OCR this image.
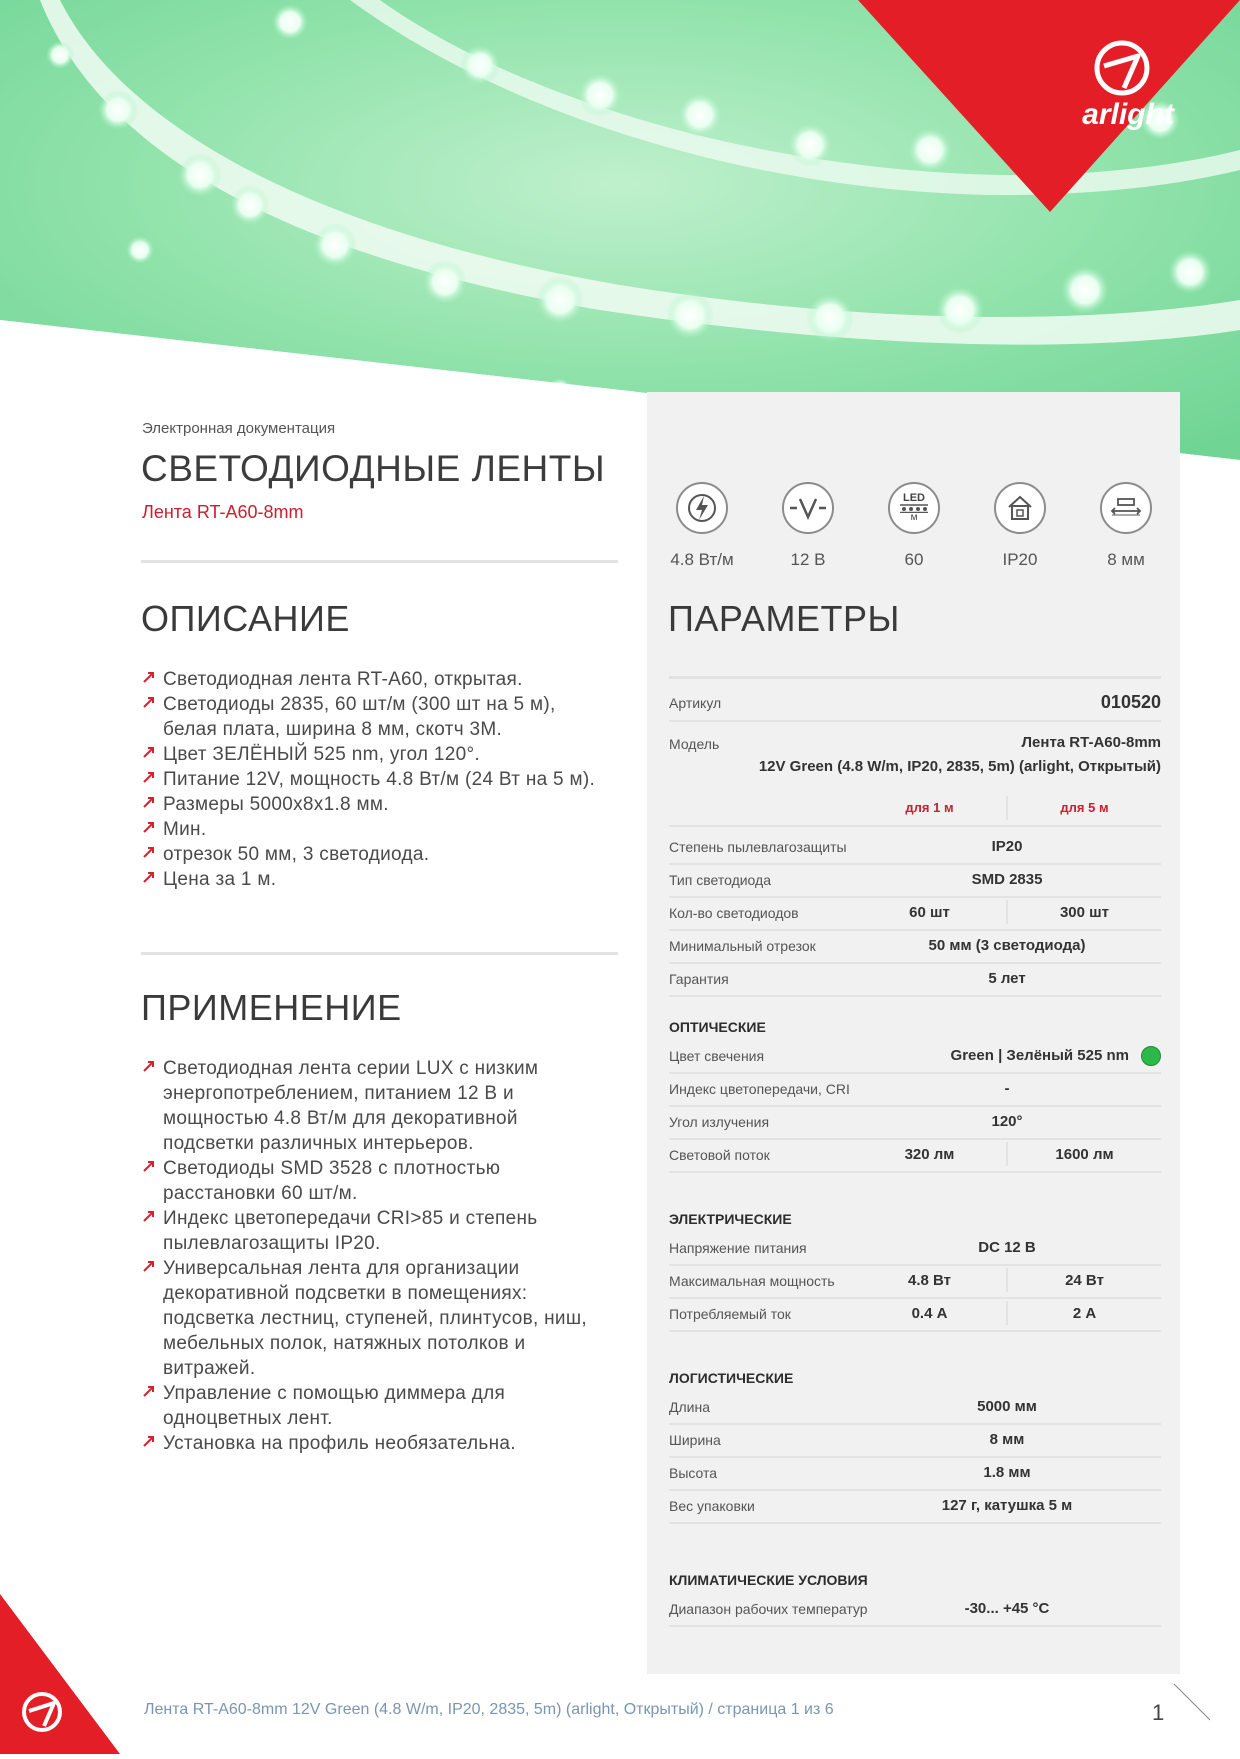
arlight
Электронная документация
СВЕТОДИОДНЫЕ ЛЕНТЫ
Лента RT-A60-8mm
4.8 Вт/м	12 В
LED
м
60	IP20	8 мм
ОПИСАНИЕ
Светодиодная лента RT-A60, открытая.
Светодиоды 2835, 60 шт/м (300 шт на 5 м), белая плата, ширина 8 мм, скотч 3M.
Цвет ЗЕЛЁНЫЙ 525 nm, угол 120°.
Питание 12V, мощность 4.8 Вт/м (24 Вт на 5 м).
Размеры 5000x8x1.8 мм.
Мин.
отрезок 50 мм, 3 светодиода.
Цена за 1 м.
ПРИМЕНЕНИЕ
Светодиодная лента серии LUX с низким энергопотреблением, питанием 12 В и мощностью 4.8 Вт/м для декоративной подсветки различных интерьеров.
Светодиоды SMD 3528 с плотностью расстановки 60 шт/м.
Индекс цветопередачи CRI>85 и степень пылевлагозащиты IP20.
Универсальная лента для организации декоративной подсветки в помещениях: подсветка лестниц, ступеней, плинтусов, ниш, мебельных полок, натяжных потолков и витражей.
Управление с помощью диммера для одноцветных лент.
Установка на профиль необязательна.
ПАРАМЕТРЫ
Артикул	010520
Модель	Лента RT-A60-8mm
12V Green (4.8 W/m, IP20, 2835, 5m) (arlight, Открытый)
для 1 м	для 5 м
Степень пылевлагозащиты	IP20
Тип светодиода	SMD 2835
Кол-во светодиодов	60 шт	300 шт
Минимальный отрезок	50 мм (3 светодиода)
Гарантия	5 лет
ОПТИЧЕСКИЕ
Цвет свечения	Green | Зелёный 525 nm
Индекс цветопередачи, CRI	-
Угол излучения	120°
Световой поток	320 лм	1600 лм
ЭЛЕКТРИЧЕСКИЕ
Напряжение питания	DC 12 В
Максимальная мощность	4.8 Вт	24 Вт
Потребляемый ток	0.4 А	2 А
ЛОГИСТИЧЕСКИЕ
Длина	5000 мм
Ширина	8 мм
Высота	1.8 мм
Вес упаковки	127 г, катушка 5 м
КЛИМАТИЧЕСКИЕ УСЛОВИЯ
Диапазон рабочих температур	-30... +45 °С
Лента RT-A60-8mm 12V Green (4.8 W/m, IP20, 2835, 5m) (arlight, Открытый) / страница 1 из 6	1
